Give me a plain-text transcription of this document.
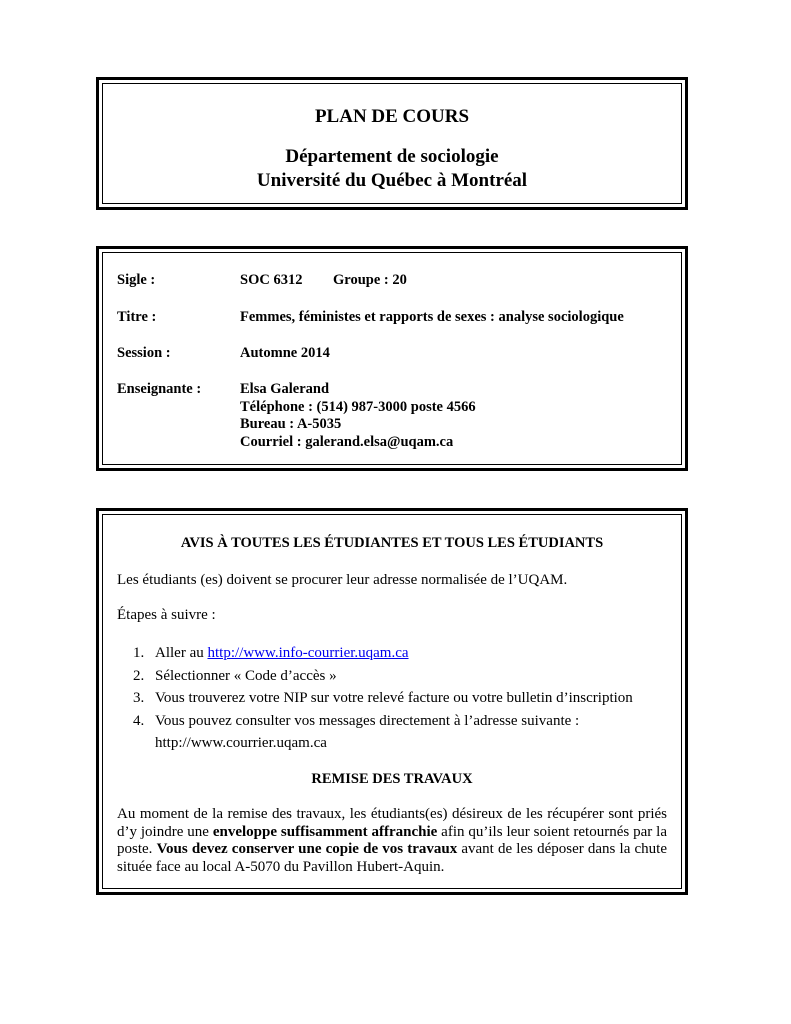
PLAN DE COURS
Département de sociologie
Université du Québec à Montréal
Sigle :	SOC 6312 Groupe : 20
Titre :	Femmes, féministes et rapports de sexes : analyse sociologique
Session :	Automne 2014
Enseignante :	Elsa Galerand
Téléphone : (514) 987-3000 poste 4566
Bureau : A-5035
Courriel : galerand.elsa@uqam.ca
AVIS À TOUTES LES ÉTUDIANTES ET TOUS LES ÉTUDIANTS
Les étudiants (es) doivent se procurer leur adresse normalisée de l’UQAM.
Étapes à suivre :
1. Aller au http://www.info-courrier.uqam.ca
2. Sélectionner « Code d’accès »
3. Vous trouverez votre NIP sur votre relevé facture ou votre bulletin d’inscription
4. Vous pouvez consulter vos messages directement à l’adresse suivante :
http://www.courrier.uqam.ca
REMISE DES TRAVAUX
Au moment de la remise des travaux, les étudiants(es) désireux de les récupérer sont priés d’y joindre une enveloppe suffisamment affranchie afin qu’ils leur soient retournés par la poste. Vous devez conserver une copie de vos travaux avant de les déposer dans la chute située face au local A-5070 du Pavillon Hubert-Aquin.
